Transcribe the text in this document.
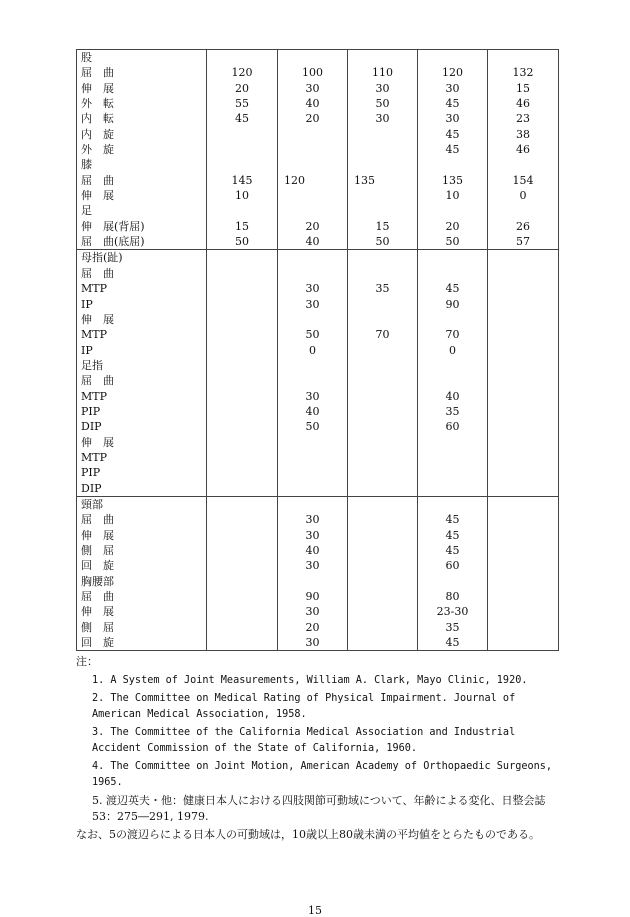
股					
屈　曲	120	100	110	120	132
伸　展	20	30	30	30	15
外　転	55	40	50	45	46
内　転	45	20	30	30	23
内　旋				45	38
外　旋				45	46
膝					
屈　曲	145	120	135	135	154
伸　展	10			10	0
足					
伸　展(背屈)	15	20	15	20	26
屈　曲(底屈)	50	40	50	50	57
母指(趾)					
屈　曲					
MTP		30	35	45	
IP		30		90	
伸　展					
MTP		50	70	70	
IP		0		0	
足指					
屈　曲					
MTP		30		40	
PIP		40		35	
DIP		50		60	
伸　展					
MTP					
PIP					
DIP					
頸部					
屈　曲		30		45	
伸　展		30		45	
側　屈		40		45	
回　旋		30		60	
胸腰部					
屈　曲		90		80	
伸　展		30		23-30	
側　屈		20		35	
回　旋		30		45	
注：
1. A System of Joint Measurements, William A. Clark, Mayo Clinic, 1920.
2. The Committee on Medical Rating of Physical Impairment. Journal of American Medical Association, 1958.
3. The Committee of the California Medical Association and Industrial Accident Commission of the State of California, 1960.
4. The Committee on Joint Motion, American Academy of Orthopaedic Surgeons, 1965.
5. 渡辺英夫・他：健康日本人における四肢関節可動域について、年齢による変化、日整会誌53：275―291, 1979.
なお、5の渡辺らによる日本人の可動域は，10歳以上80歳未満の平均値をとらたものである。
15
